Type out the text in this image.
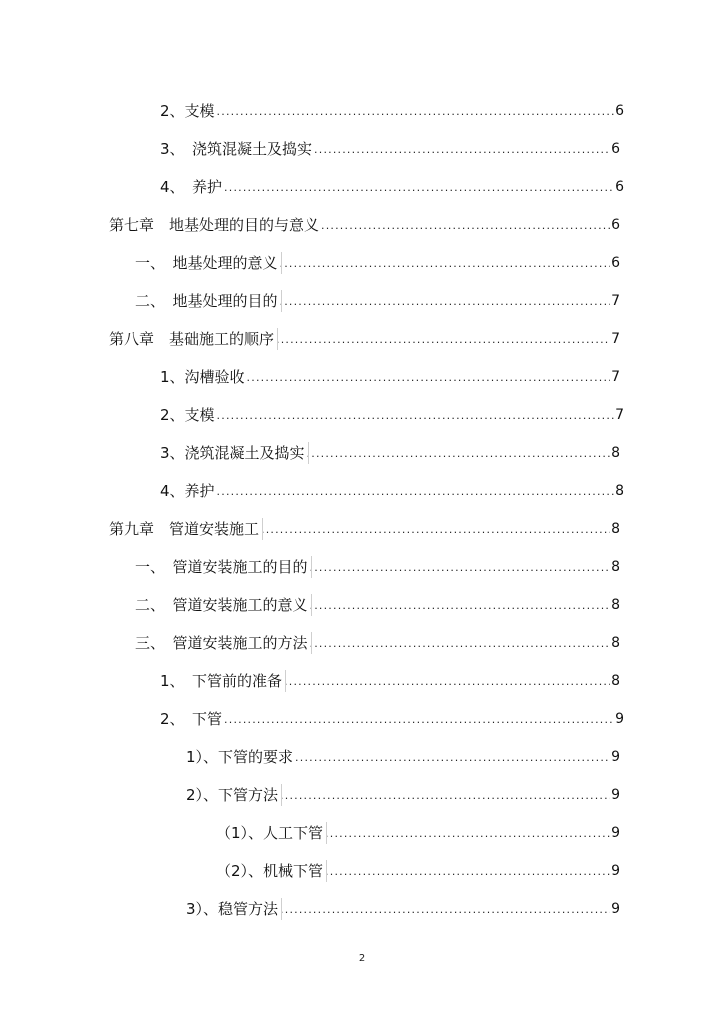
2、支模 .....	6
3、　浇筑混凝土及捣实 .....	6
4、　养护 .....	6
第七章　地基处理的目的与意义 .....	6
一、　地基处理的意义 .....	6
二、　地基处理的目的 .....	7
第八章　基础施工的顺序 .....	7
1、沟槽验收 .....	7
2、支模 .....	7
3、浇筑混凝土及捣实 .....	8
4、养护 .....	8
第九章　管道安装施工 .....	8
一、　管道安装施工的目的 .....	8
二、　管道安装施工的意义 .....	8
三、　管道安装施工的方法 .....	8
1、　下管前的准备 .....	8
2、　下管 .....	9
1）、下管的要求 .....	9
2）、下管方法 .....	9
（1）、人工下管 .....	9
（2）、机械下管 .....	9
3）、稳管方法 .....	9
2
